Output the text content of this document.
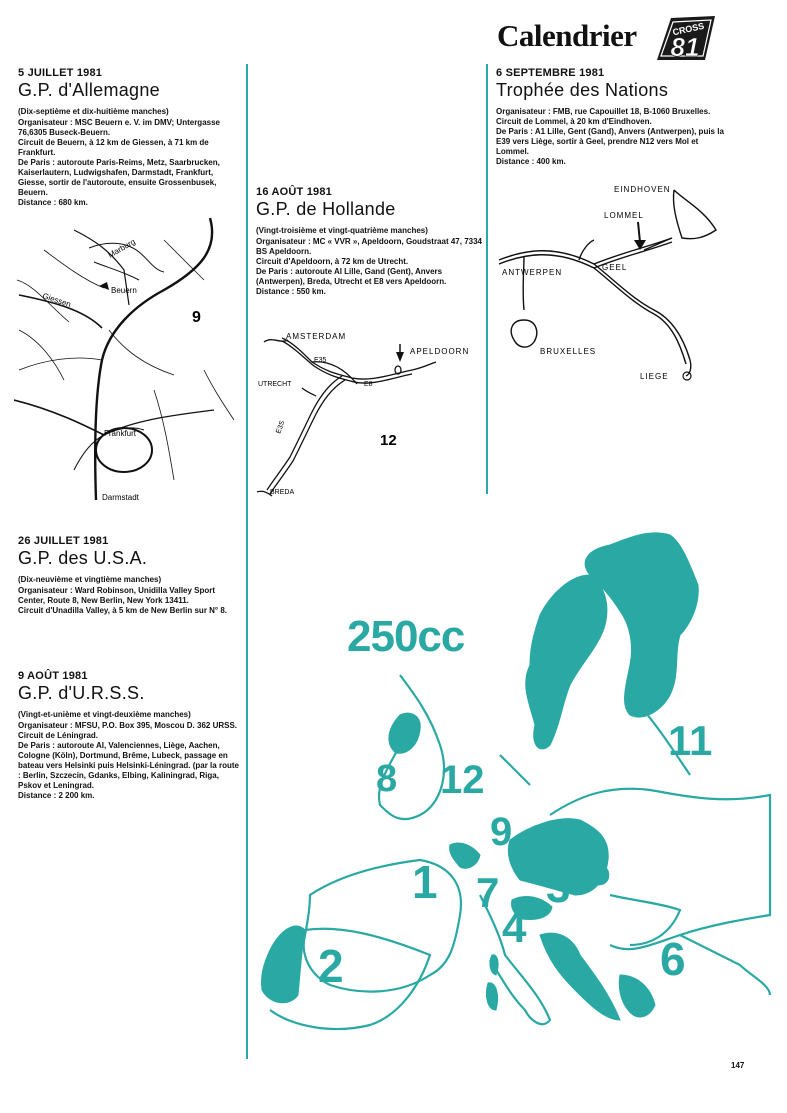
Calendrier	CROSS
81
5 JUILLET 1981
G.P. d'Allemagne
(Dix-septième et dix-huitième manches)

Organisateur : MSC Beuern e. V. im DMV; Untergasse 76,6305 Buseck-Beuern.

Circuit de Beuern, à 12 km de Giessen, à 71 km de Frankfurt.

De Paris : autoroute Paris-Reims, Metz, Saarbrucken, Kaiserlautern, Ludwigshafen, Darmstadt, Frankfurt, Giesse, sortir de l'autoroute, ensuite Grossenbusek, Beuern.

Distance : 680 km.

Marburg
Beuern
Giessen
Frankfurt
Darmstadt
9
26 JUILLET 1981
G.P. des U.S.A.
(Dix-neuvième et vingtième manches)

Organisateur : Ward Robinson, Unidilla Valley Sport Center, Route 8, New Berlin, New York 13411.

Circuit d'Unadilla Valley, à 5 km de New Berlin sur N° 8.

9 AOÛT 1981
G.P. d'U.R.S.S.
(Vingt-et-unième et vingt-deuxième manches)

Organisateur : MFSU, P.O. Box 395, Moscou D. 362 URSS.

Circuit de Léningrad.

De Paris : autoroute AI, Valenciennes, Liège, Aachen, Cologne (Köln), Dortmund, Brême, Lubeck, passage en bateau vers Helsinki puis Helsinki-Léningrad. (par la route : Berlin, Szczecin, Gdanks, Elbing, Kaliningrad, Riga, Pskov et Leningrad.

Distance : 2 200 km.

16 AOÛT 1981
G.P. de Hollande
(Vingt-troisième et vingt-quatrième manches)

Organisateur : MC « VVR », Apeldoorn, Goudstraat 47, 7334 BS Apeldoorn.

Circuit d'Apeldoorn, à 72 km de Utrecht.

De Paris : autoroute AI Lille, Gand (Gent), Anvers (Antwerpen), Breda, Utrecht et E8 vers Apeldoorn.

Distance : 550 km.

AMSTERDAM
APELDOORN
UTRECHT
BREDA
E35
E8
E3S
12
6 SEPTEMBRE 1981
Trophée des Nations

Organisateur : FMB, rue Capouillet 18, B-1060 Bruxelles.

Circuit de Lommel, à 20 km d'Eindhoven.

De Paris : A1 Lille, Gent (Gand), Anvers (Antwerpen), puis la E39 vers Liège, sortir à Geel, prendre N12 vers Mol et Lommel.

Distance : 400 km.

EINDHOVEN
LOMMEL
ANTWERPEN
GEEL
BRUXELLES
LIEGE
250cc
1
2
3
4
5
6
7
8
9
11
12
147
